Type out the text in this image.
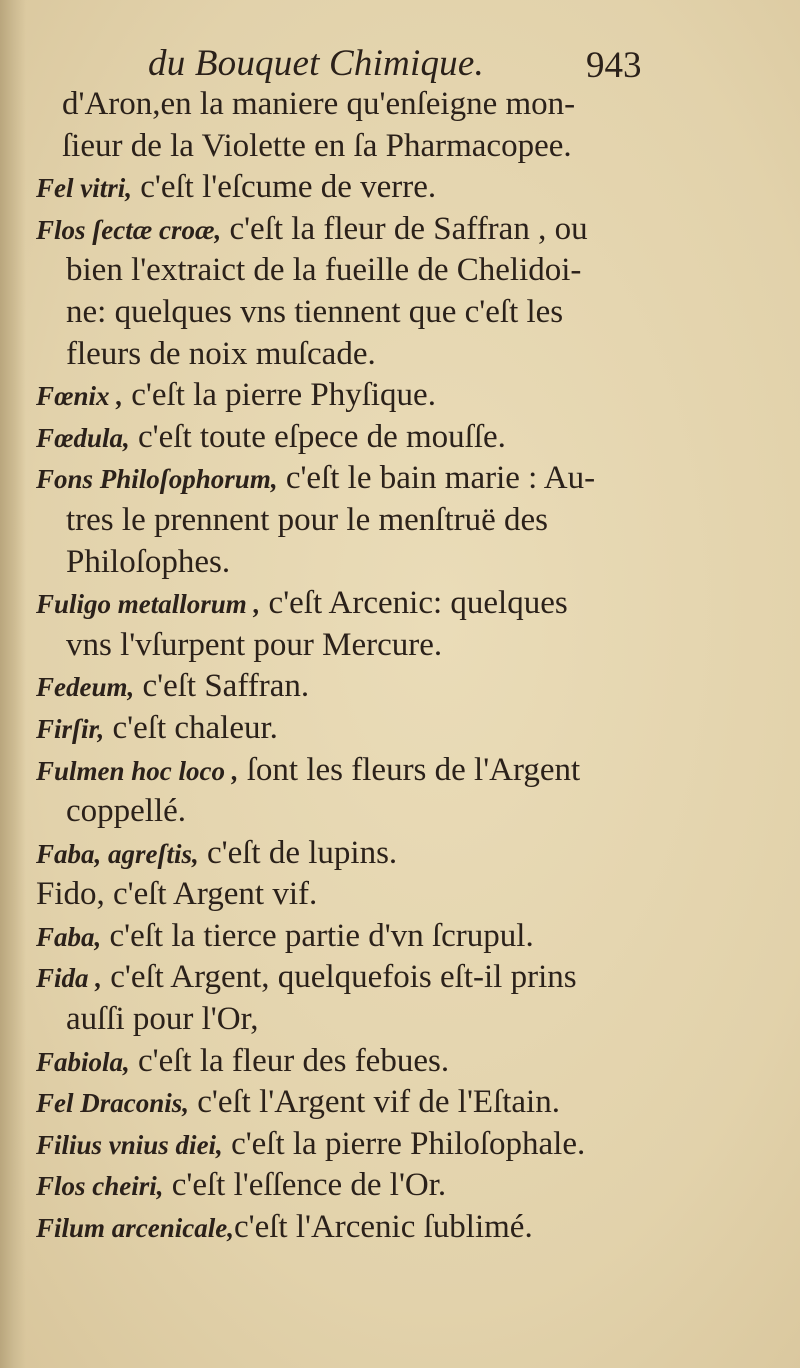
du Bouquet Chimique.	943
d'Aron,en la maniere qu'enſeigne mon-
ſieur de la Violette en ſa Pharmacopee.
Fel vitri, c'eſt l'eſcume de verre.
Flos ſectæ croæ, c'eſt la fleur de Saffran , ou
bien l'extraict de la fueille de Chelidoi-
ne: quelques vns tiennent que c'eſt les
fleurs de noix muſcade.
Fœnix , c'eſt la pierre Phyſique.
Fœdula, c'eſt toute eſpece de mouſſe.
Fons Philoſophorum, c'eſt le bain marie : Au-
tres le prennent pour le menſtruë des
Philoſophes.
Fuligo metallorum , c'eſt Arcenic: quelques
vns l'vſurpent pour Mercure.
Fedeum, c'eſt Saffran.
Firſir, c'eſt chaleur.
Fulmen hoc loco , ſont les fleurs de l'Argent
coppellé.
Faba, agreſtis, c'eſt de lupins.
Fido, c'eſt Argent vif.
Faba, c'eſt la tierce partie d'vn ſcrupul.
Fida , c'eſt Argent, quelquefois eſt-il prins
auſſi pour l'Or,
Fabiola, c'eſt la fleur des febues.
Fel Draconis, c'eſt l'Argent vif de l'Eſtain.
Filius vnius diei, c'eſt la pierre Philoſophale.
Flos cheiri, c'eſt l'eſſence de l'Or.
Filum arcenicale,c'eſt l'Arcenic ſublimé.
